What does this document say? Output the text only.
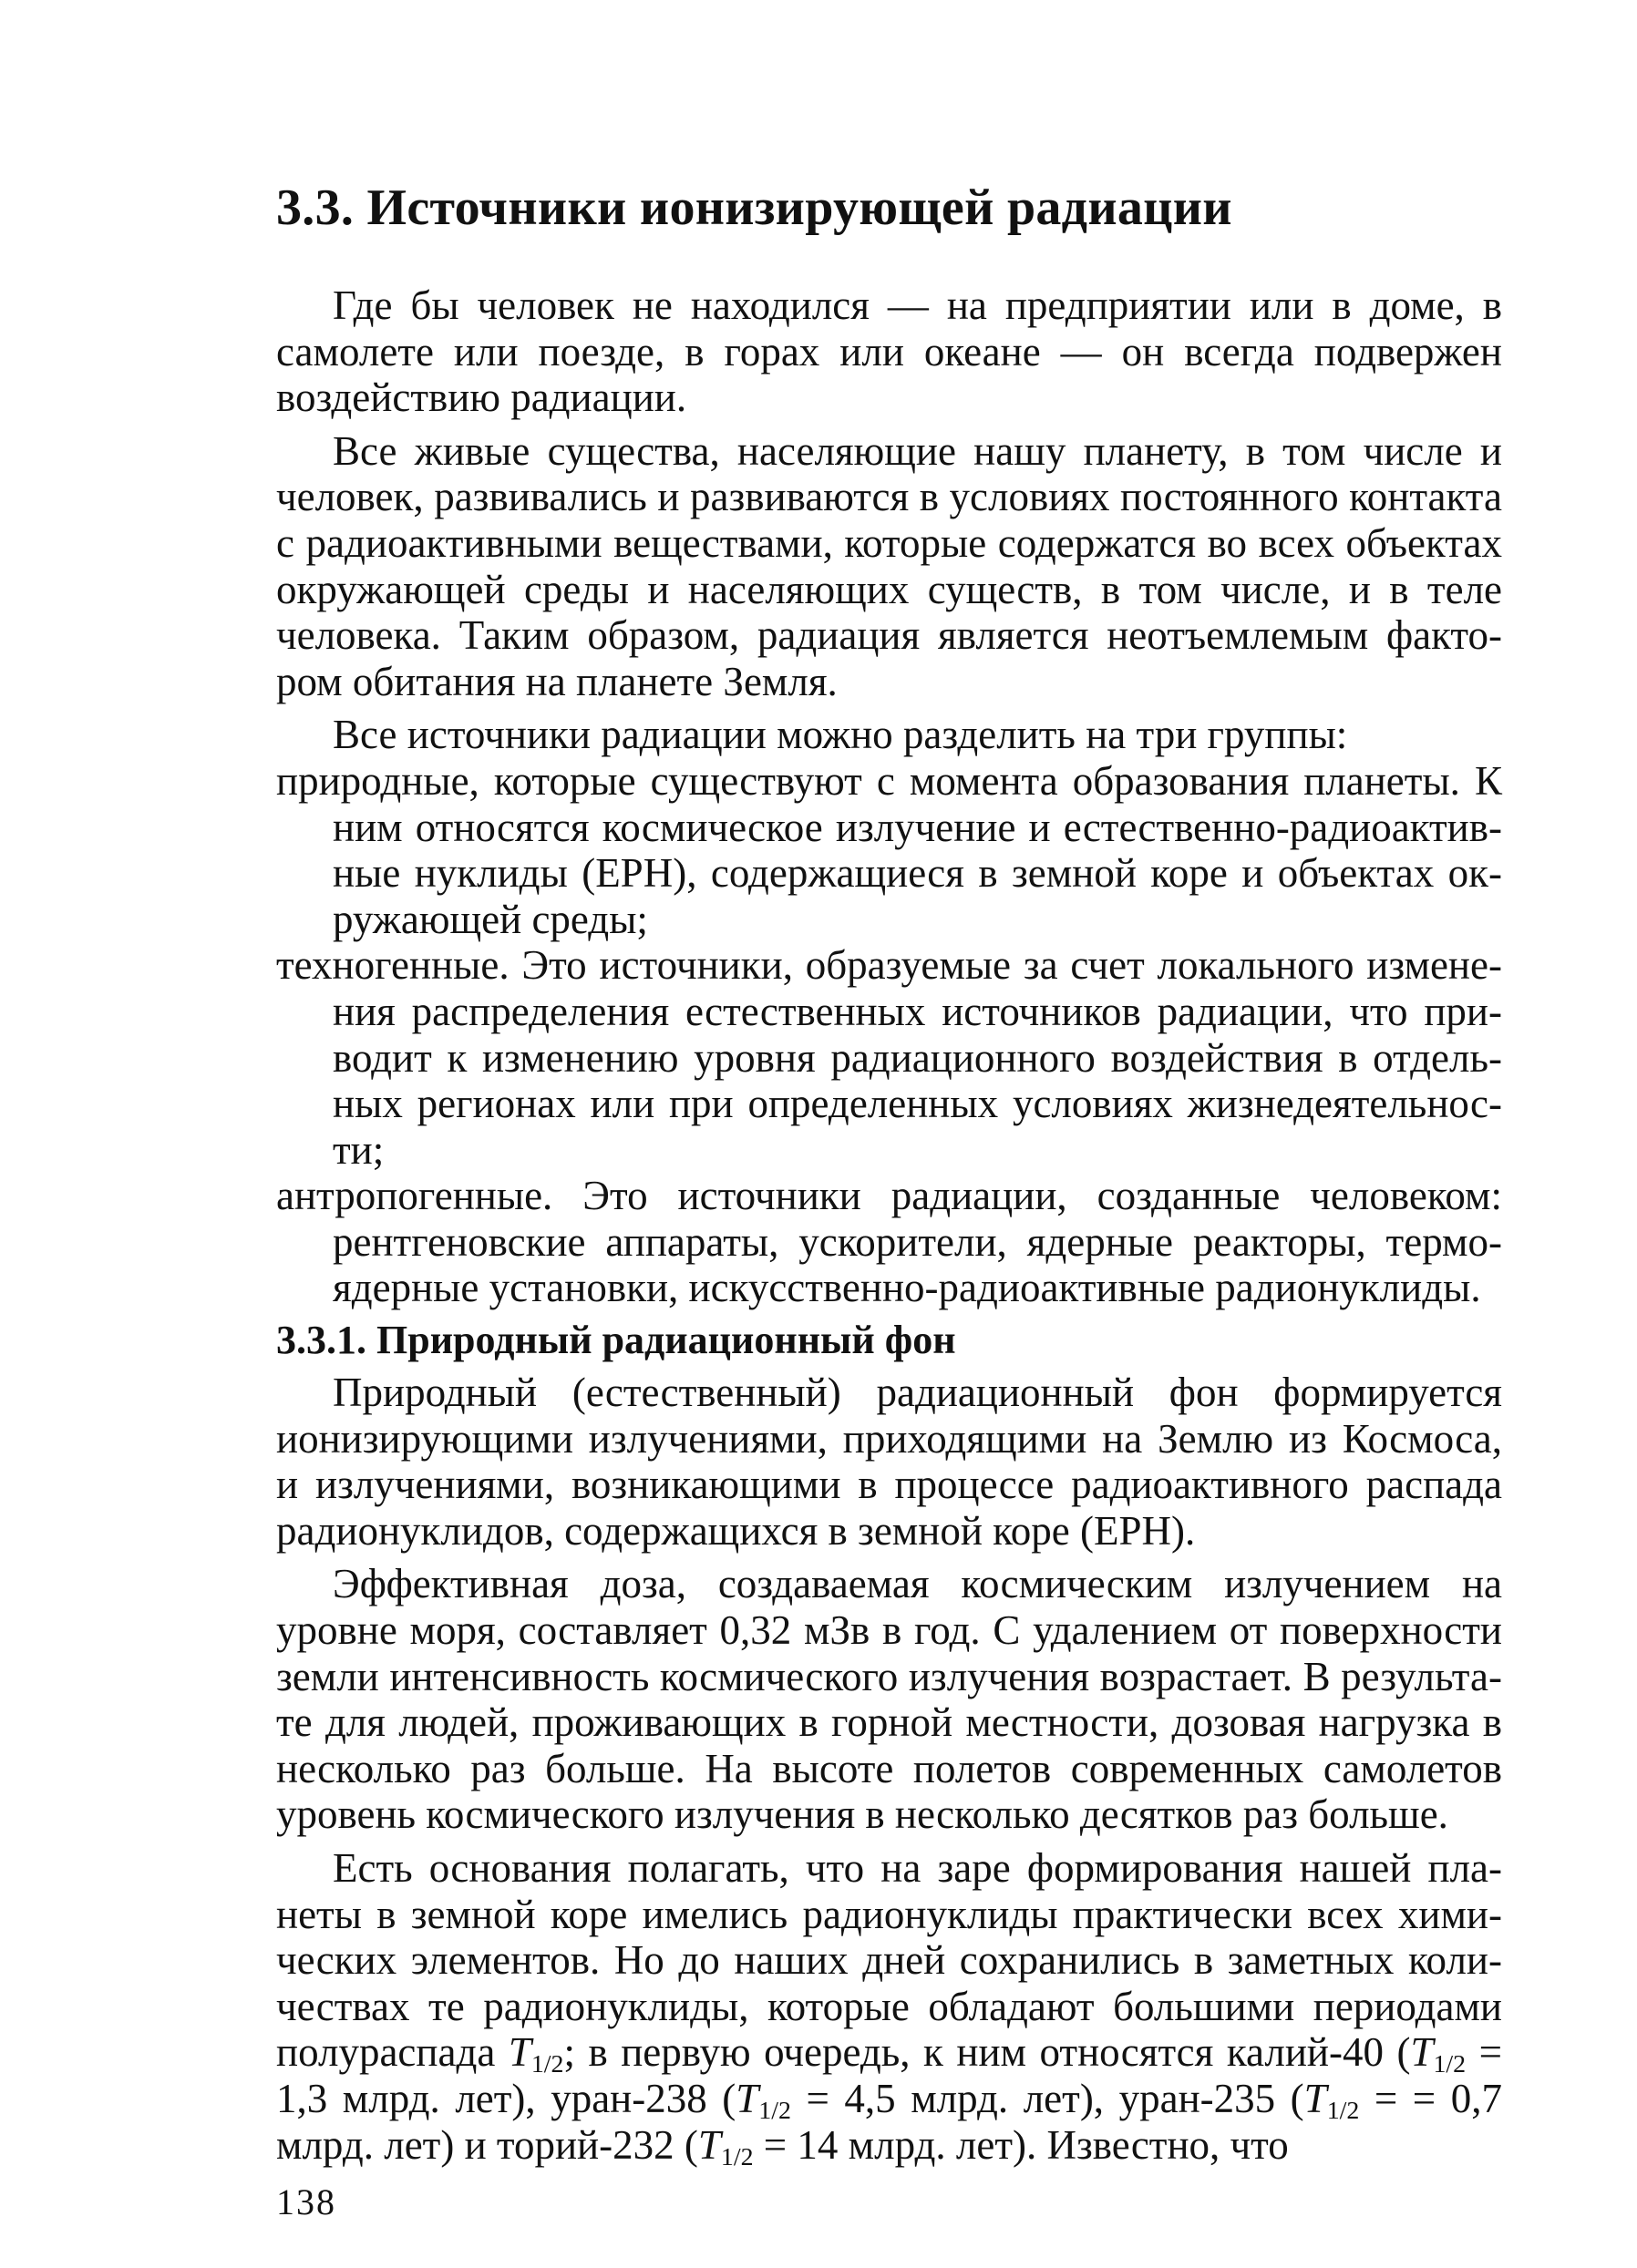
3.3. Источники ионизирующей радиации

Где бы человек не находился — на предприятии или в доме, в самолете или поезде, в горах или океане — он всегда подвержен воздействию радиации.

Все живые существа, населяющие нашу планету, в том числе и человек, развивались и развиваются в условиях постоянного контакта с радиоактивными веществами, которые содержатся во всех объектах окружающей среды и населяющих существ, в том числе, и в теле человека. Таким образом, радиация является неотъемлемым фактором обитания на планете Земля.

Все источники радиации можно разделить на три группы:

природные, которые существуют с момента образования планеты. К ним относятся космическое излучение и естественно-радиоактивные нуклиды (ЕРН), содержащиеся в земной коре и объектах окружающей среды;
техногенные. Это источники, образуемые за счет локального изменения распределения естественных источников радиации, что приводит к изменению уровня радиационного воздействия в отдельных регионах или при определенных условиях жизнедеятельности;
антропогенные. Это источники радиации, созданные человеком: рентгеновские аппараты, ускорители, ядерные реакторы, термоядерные установки, искусственно-радиоактивные радионуклиды.
3.3.1. Природный радиационный фон

Природный (естественный) радиационный фон формируется ионизирующими излучениями, приходящими на Землю из Космоса, и излучениями, возникающими в процессе радиоактивного распада радионуклидов, содержащихся в земной коре (ЕРН).

Эффективная доза, создаваемая космическим излучением на уровне моря, составляет 0,32 мЗв в год. С удалением от поверхности земли интенсивность космического излучения возрастает. В результате для людей, проживающих в горной местности, дозовая нагрузка в несколько раз больше. На высоте полетов современных самолетов уровень космического излучения в несколько десятков раз больше.

Есть основания полагать, что на заре формирования нашей планеты в земной коре имелись радионуклиды практически всех химических элементов. Но до наших дней сохранились в заметных количествах те радионуклиды, которые обладают большими периодами полураспада $T_{1/2}$; в первую очередь, к ним относятся калий-40 ($T_{1/2} = 1,3$ млрд. лет), уран-238 ($T_{1/2} = 4,5$ млрд. лет), уран-235 ($T_{1/2}$ = = 0,7 млрд. лет) и торий-232 ($T_{1/2} = 14$ млрд. лет). Известно, что

138
